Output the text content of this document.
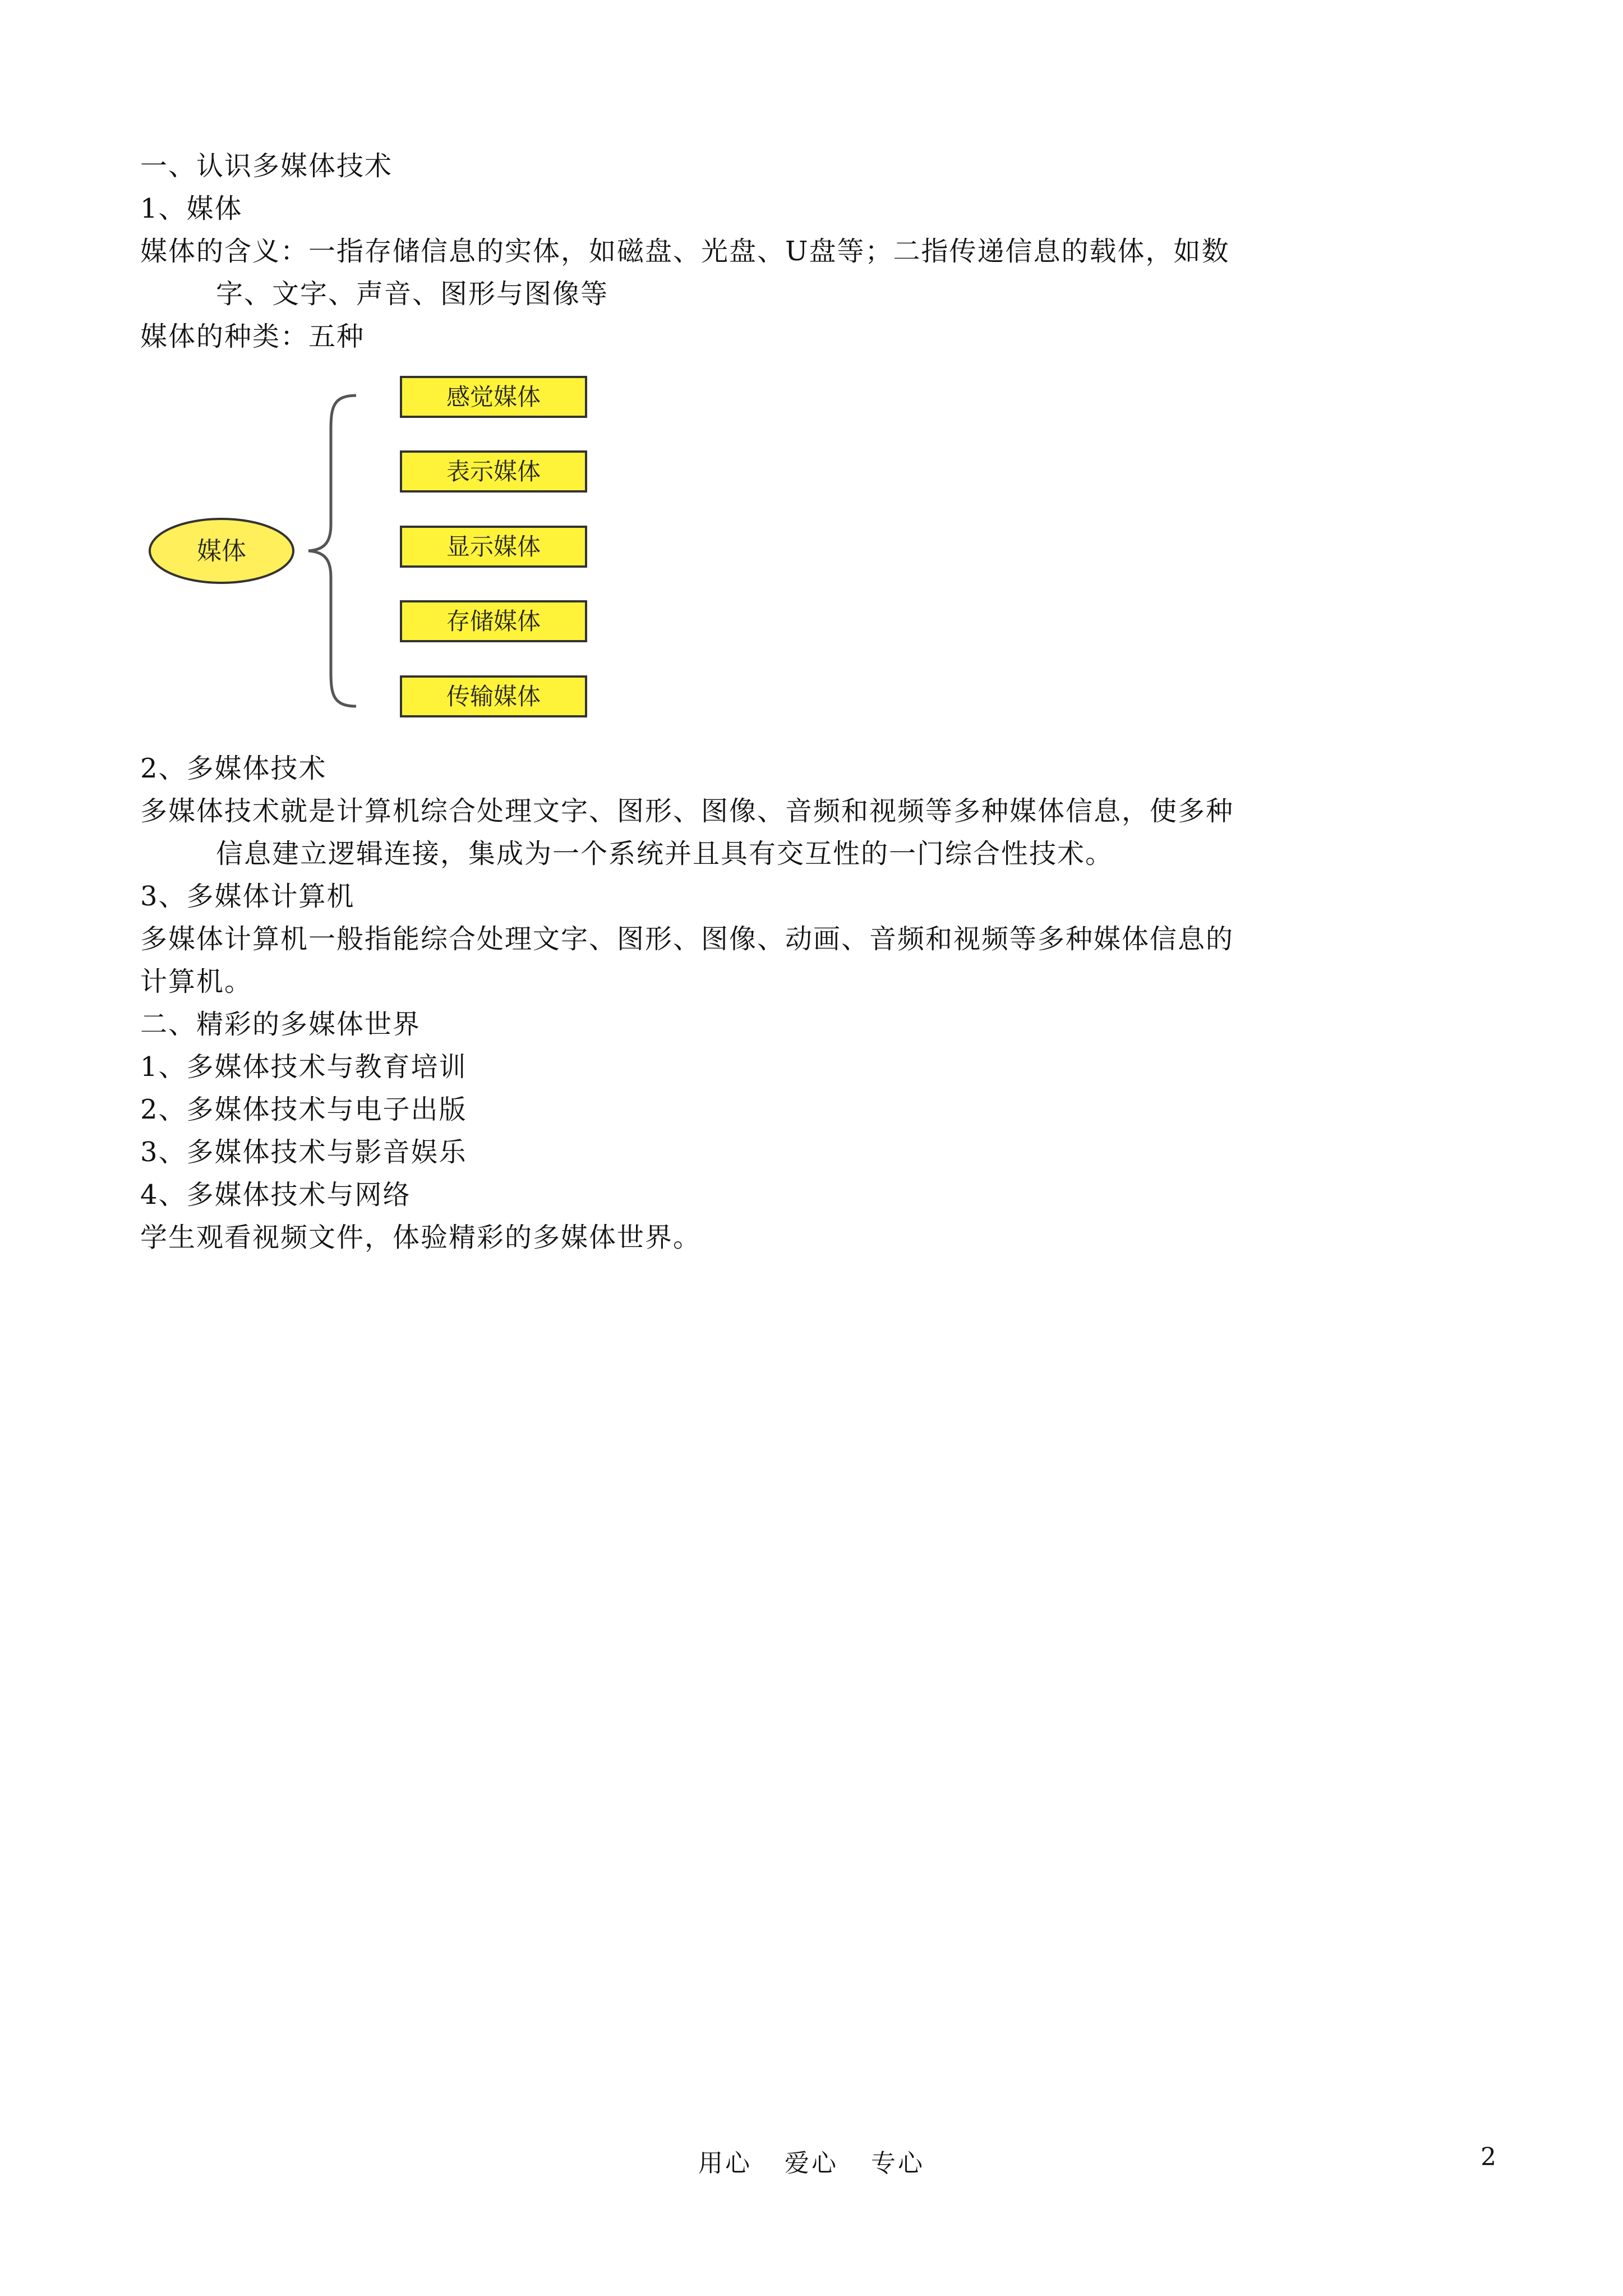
一、认识多媒体技术
1、媒体
媒体的含义：一指存储信息的实体，如磁盘、光盘、U盘等；二指传递信息的载体，如数
字、文字、声音、图形与图像等
媒体的种类：五种
媒体
感觉媒体
表示媒体
显示媒体
存储媒体
传输媒体
2、多媒体技术
多媒体技术就是计算机综合处理文字、图形、图像、音频和视频等多种媒体信息，使多种
信息建立逻辑连接，集成为一个系统并且具有交互性的一门综合性技术。
3、多媒体计算机
多媒体计算机一般指能综合处理文字、图形、图像、动画、音频和视频等多种媒体信息的
计算机。
二、精彩的多媒体世界
1、多媒体技术与教育培训
2、多媒体技术与电子出版
3、多媒体技术与影音娱乐
4、多媒体技术与网络
学生观看视频文件，体验精彩的多媒体世界。
用心 爱心 专心	2
